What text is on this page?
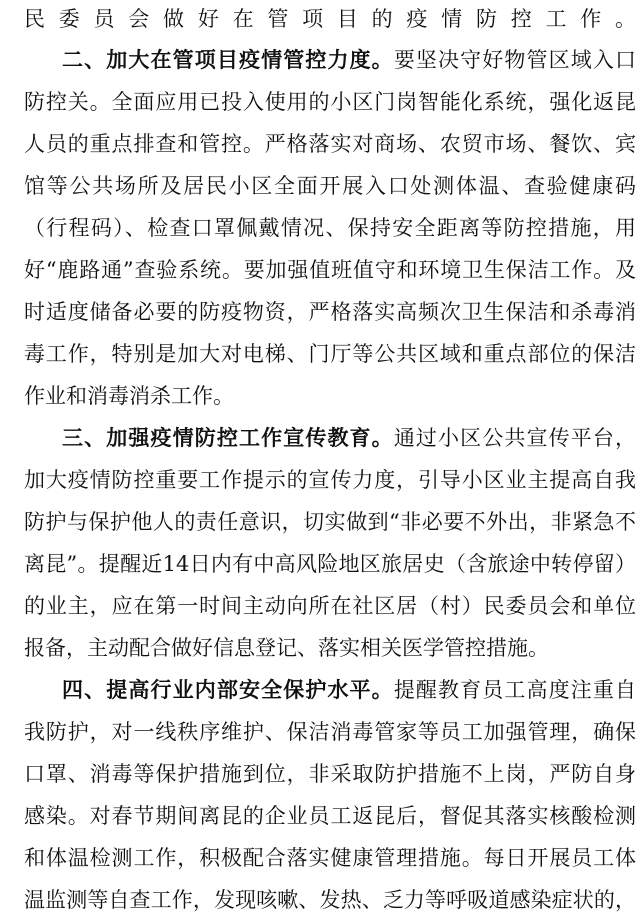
民委员会做好在管项目的疫情防控工作。
二、加大在管项目疫情管控力度。要坚决守好物管区域入口
防控关。全面应用已投入使用的小区门岗智能化系统，强化返昆
人员的重点排查和管控。严格落实对商场、农贸市场、餐饮、宾
馆等公共场所及居民小区全面开展入口处测体温、查验健康码
（行程码）、检查口罩佩戴情况、保持安全距离等防控措施，用
好“鹿路通”查验系统。要加强值班值守和环境卫生保洁工作。及
时适度储备必要的防疫物资，严格落实高频次卫生保洁和杀毒消
毒工作，特别是加大对电梯、门厅等公共区域和重点部位的保洁
作业和消毒消杀工作。
三、加强疫情防控工作宣传教育。通过小区公共宣传平台，
加大疫情防控重要工作提示的宣传力度，引导小区业主提高自我
防护与保护他人的责任意识，切实做到“非必要不外出，非紧急不
离昆”。提醒近14日内有中高风险地区旅居史（含旅途中转停留）
的业主，应在第一时间主动向所在社区居（村）民委员会和单位
报备，主动配合做好信息登记、落实相关医学管控措施。
四、提高行业内部安全保护水平。提醒教育员工高度注重自
我防护，对一线秩序维护、保洁消毒管家等员工加强管理，确保
口罩、消毒等保护措施到位，非采取防护措施不上岗，严防自身
感染。对春节期间离昆的企业员工返昆后，督促其落实核酸检测
和体温检测工作，积极配合落实健康管理措施。每日开展员工体
温监测等自查工作，发现咳嗽、发热、乏力等呼吸道感染症状的，
